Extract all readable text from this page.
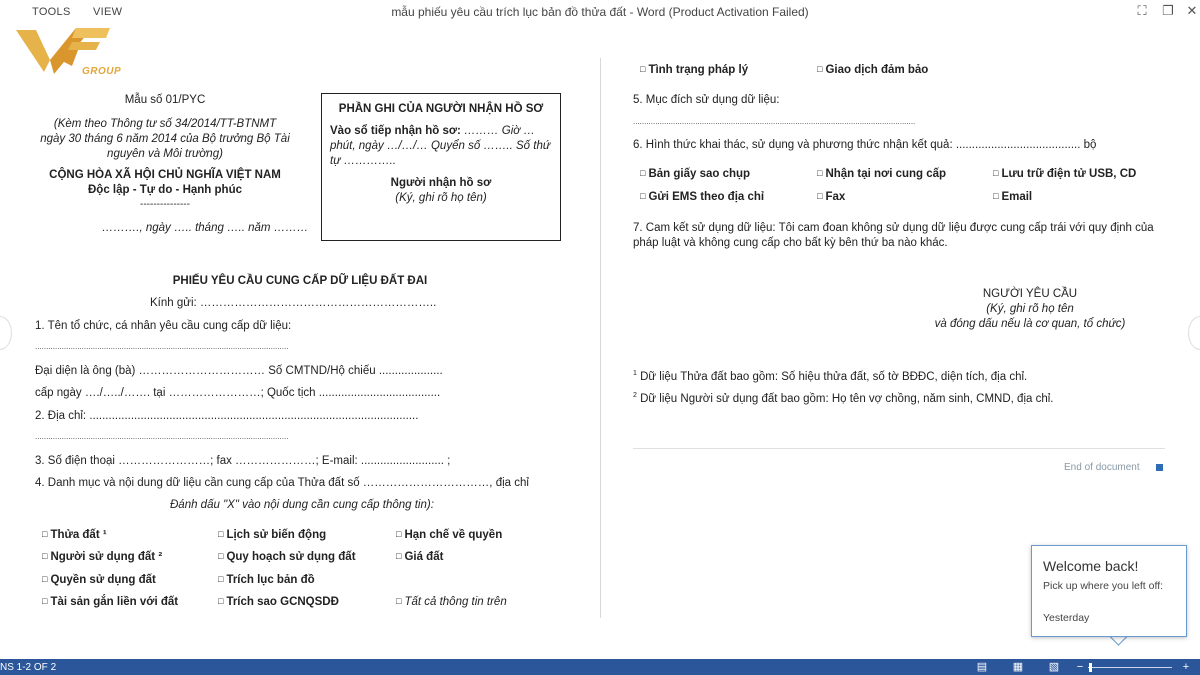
mẫu phiếu yêu cầu trích lục bản đồ thửa đất - Word (Product Activation Failed)
TOOLS VIEW	⛶ ❐ ✕
GROUP
Mẫu số 01/PYC
(Kèm theo Thông tư số 34/2014/TT-BTNMT ngày 30 tháng 6 năm 2014 của Bộ trưởng Bộ Tài nguyên và Môi trường)
CỘNG HÒA XÃ HỘI CHỦ NGHĨA VIỆT NAM
Độc lập - Tự do - Hạnh phúc
---------------
………., ngày ….. tháng ….. năm ………
PHẦN GHI CỦA NGƯỜI NHẬN HỒ SƠ
Vào sổ tiếp nhận hồ sơ: ……… Giờ … phút, ngày …/…/… Quyển số …….. Số thứ tự …………..
Người nhận hồ sơ
(Ký, ghi rõ họ tên)
PHIẾU YÊU CẦU CUNG CẤP DỮ LIỆU ĐẤT ĐAI
Kính gửi: ……………………………………………………..
1. Tên tổ chức, cá nhân yêu cầu cung cấp dữ liệu:
..................................................................................................................
Đại diện là ông (bà) …………………………… Số CMTND/Hộ chiếu ....................
cấp ngày …./…../……. tại ……………………; Quốc tịch ......................................
2. Địa chỉ: .......................................................................................................
..................................................................................................................
3. Số điện thoại ……………………; fax …………………; E-mail: .......................... ;
4. Danh mục và nội dung dữ liệu cần cung cấp của Thửa đất số ……………………………, địa chỉ
Đánh dấu "X" vào nội dung cần cung cấp thông tin):
□ Thửa đất ¹	□ Lịch sử biến động	□ Hạn chế về quyền
□ Người sử dụng đất ²	□ Quy hoạch sử dụng đất	□ Giá đất
□ Quyền sử dụng đất	□ Trích lục bản đồ
□ Tài sản gắn liền với đất	□ Trích sao GCNQSDĐ	□ Tất cả thông tin trên
□ Tình trạng pháp lý	□ Giao dịch đảm bảo
5. Mục đích sử dụng dữ liệu:
...............................................................................................................................
6. Hình thức khai thác, sử dụng và phương thức nhận kết quả: ....................................... bộ
□ Bản giấy sao chụp	□ Nhận tại nơi cung cấp	□ Lưu trữ điện tử USB, CD
□ Gửi EMS theo địa chỉ	□ Fax	□ Email
7. Cam kết sử dụng dữ liệu: Tôi cam đoan không sử dụng dữ liệu được cung cấp trái với quy định của pháp luật và không cung cấp cho bất kỳ bên thứ ba nào khác.
NGƯỜI YÊU CẦU
(Ký, ghi rõ họ tên
và đóng dấu nếu là cơ quan, tổ chức)
$^1$ Dữ liệu Thửa đất bao gồm: Số hiệu thửa đất, số tờ BĐĐC, diện tích, địa chỉ.
$^2$ Dữ liệu Người sử dụng đất bao gồm: Họ tên vợ chồng, năm sinh, CMND, địa chỉ.
End of document
Welcome back!
Pick up where you left off:
Yesterday
NS 1-2 OF 2	▤ ▦ ▧	−	+
